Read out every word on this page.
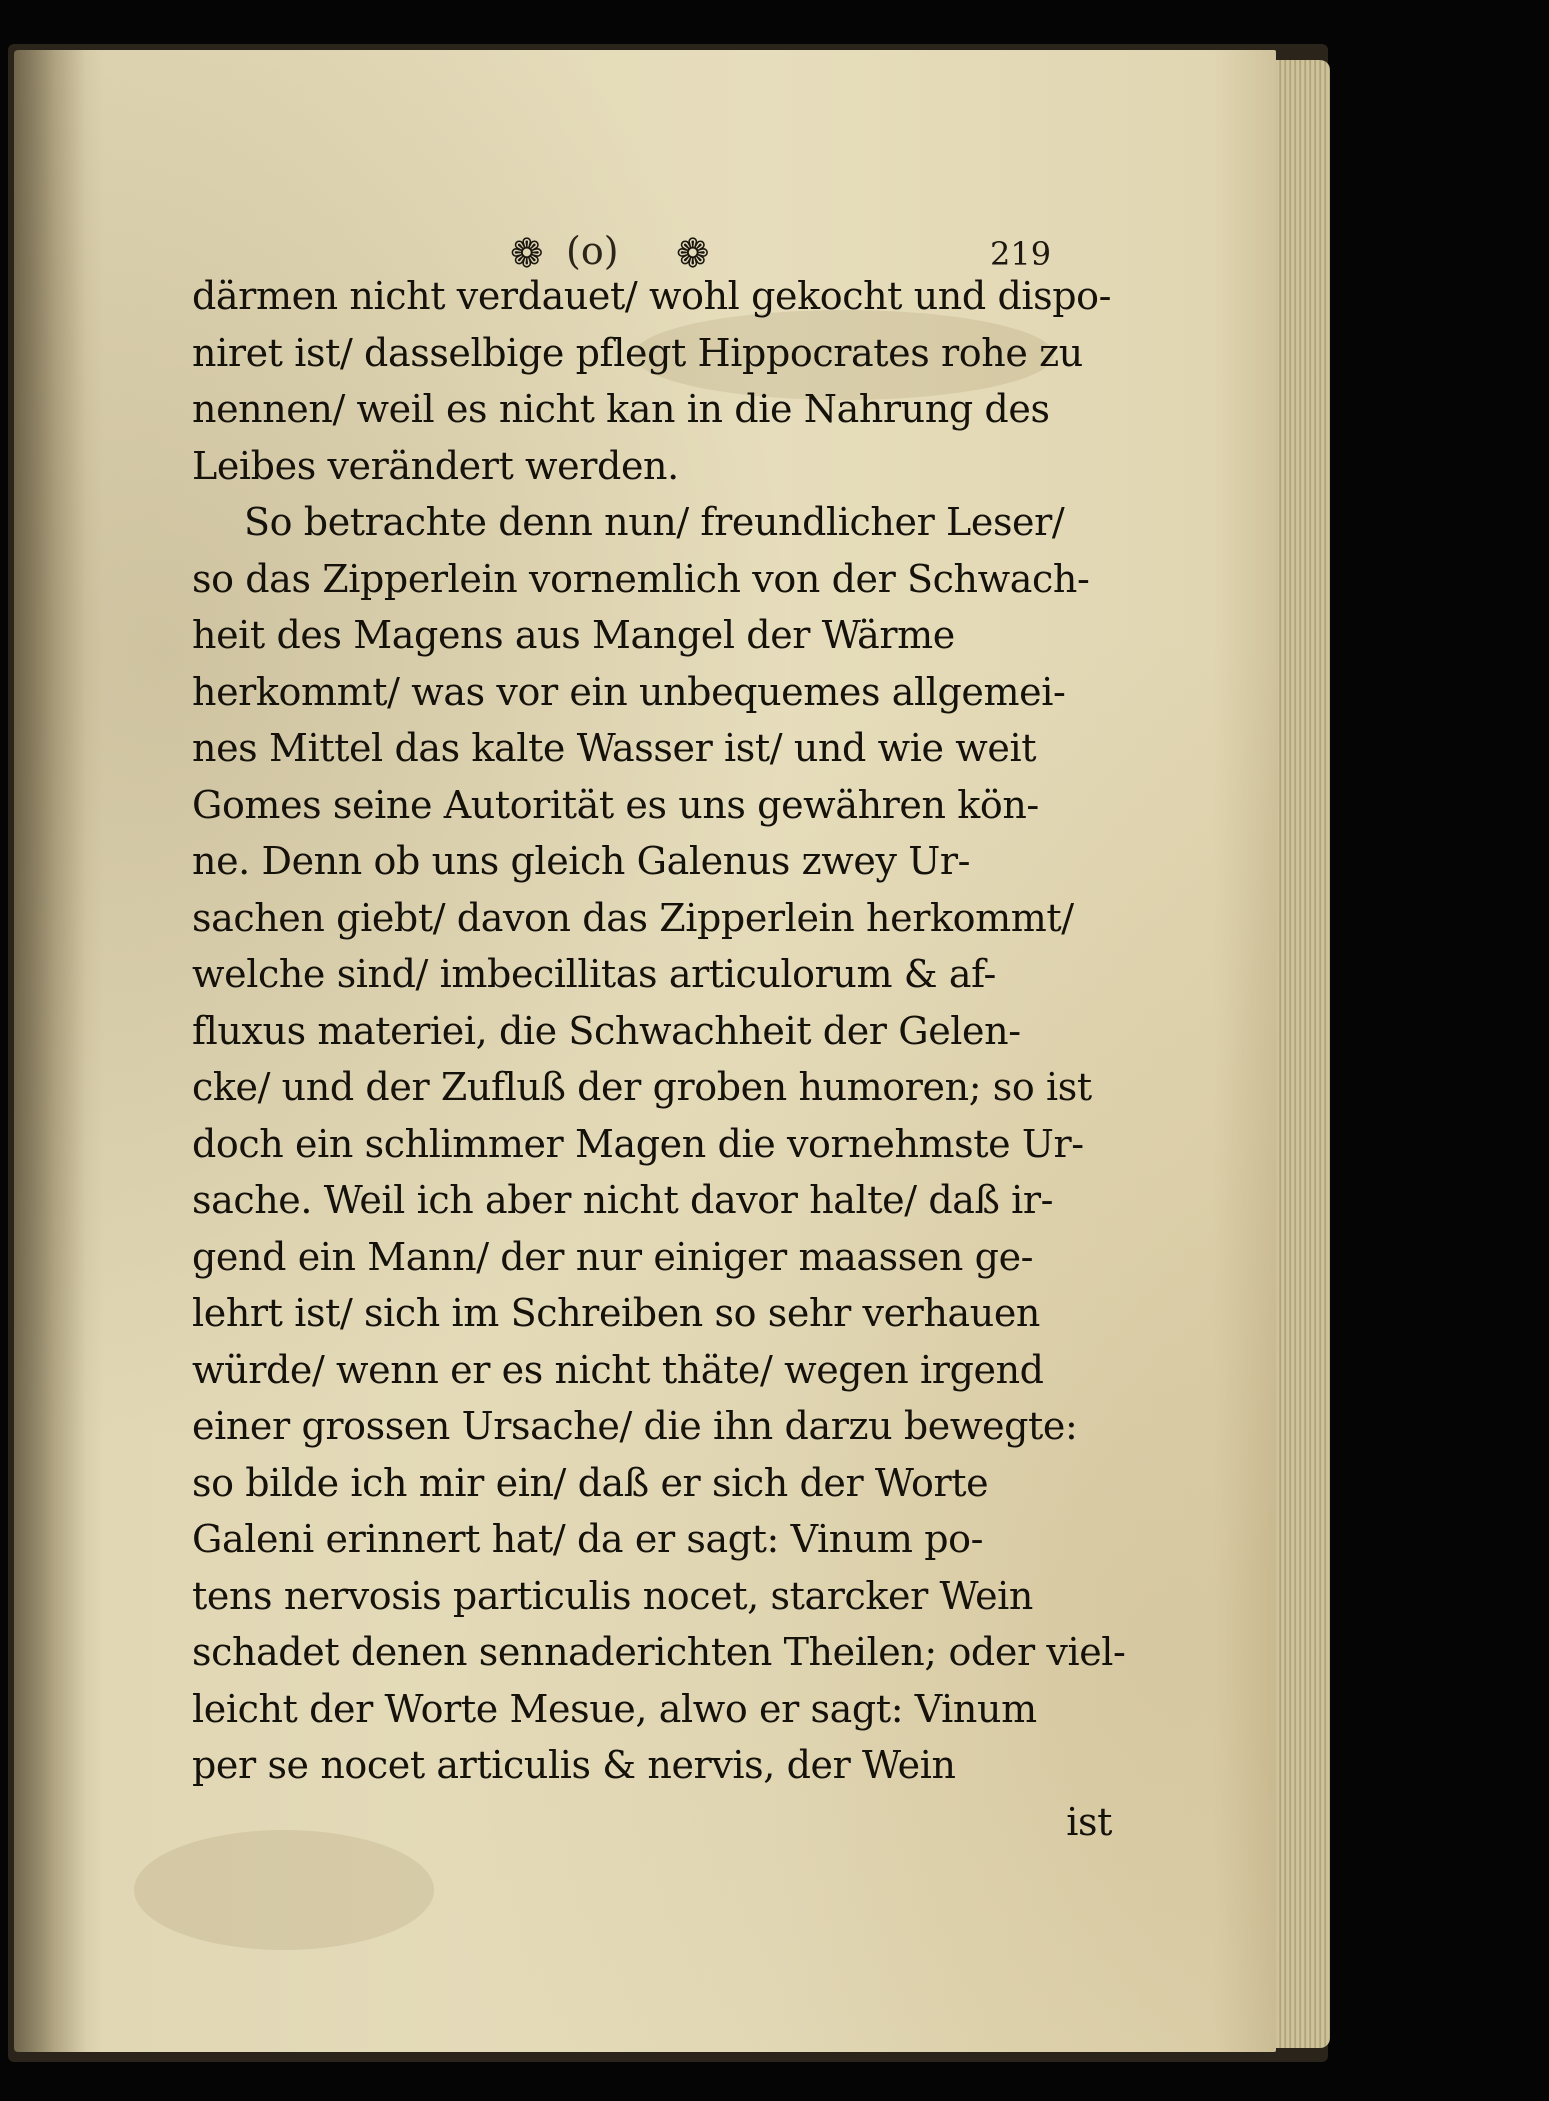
❁ (o) ❁	219
därmen nicht verdauet/ wohl gekocht und dispo-
niret ist/ dasselbige pflegt Hippocrates rohe zu
nennen/ weil es nicht kan in die Nahrung des
Leibes verändert werden.
So betrachte denn nun/ freundlicher Leser/
so das Zipperlein vornemlich von der Schwach-
heit des Magens aus Mangel der Wärme
herkommt/ was vor ein unbequemes allgemei-
nes Mittel das kalte Wasser ist/ und wie weit
Gomes seine Autorität es uns gewähren kön-
ne. Denn ob uns gleich Galenus zwey Ur-
sachen giebt/ davon das Zipperlein herkommt/
welche sind/ imbecillitas articulorum & af-
fluxus materiei, die Schwachheit der Gelen-
cke/ und der Zufluß der groben humoren; so ist
doch ein schlimmer Magen die vornehmste Ur-
sache. Weil ich aber nicht davor halte/ daß ir-
gend ein Mann/ der nur einiger maassen ge-
lehrt ist/ sich im Schreiben so sehr verhauen
würde/ wenn er es nicht thäte/ wegen irgend
einer grossen Ursache/ die ihn darzu bewegte:
so bilde ich mir ein/ daß er sich der Worte
Galeni erinnert hat/ da er sagt: Vinum po-
tens nervosis particulis nocet, starcker Wein
schadet denen sennaderichten Theilen; oder viel-
leicht der Worte Mesue, alwo er sagt: Vinum
per se nocet articulis & nervis, der Wein
ist
